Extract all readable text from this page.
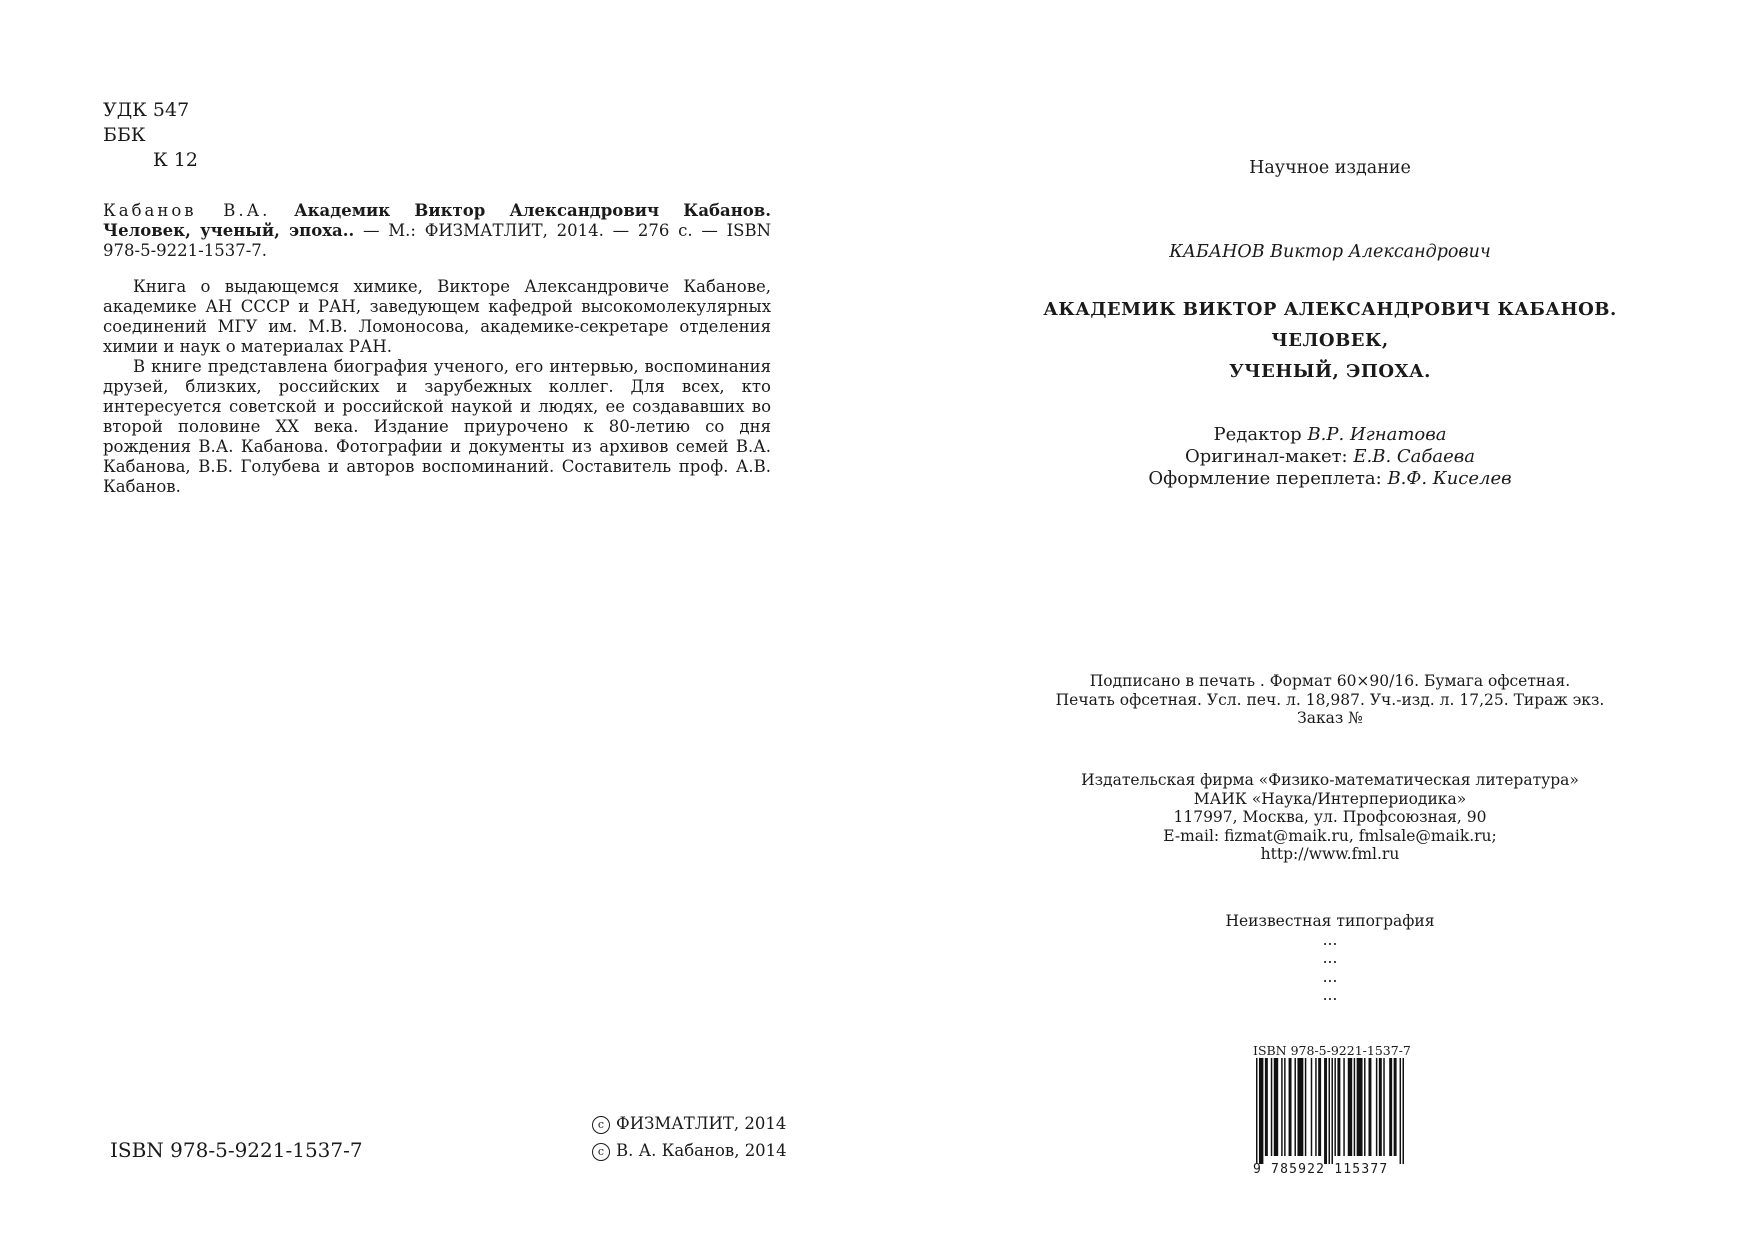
УДК 547
ББК
К 12
Кабанов В.А. Академик Виктор Александрович Кабанов. Человек, ученый, эпоха.. — М.: ФИЗМАТЛИТ, 2014. — 276 с. — ISBN 978-5-9221-1537-7.

Книга о выдающемся химике, Викторе Александровиче Кабанове, академике АН СССР и РАН, заведующем кафедрой высокомолекулярных соединений МГУ им. М.В. Ломоносова, академике-секретаре отделения химии и наук о материалах РАН.

В книге представлена биография ученого, его интервью, воспоминания друзей, близких, российских и зарубежных коллег. Для всех, кто интересуется советской и российской наукой и людях, ее создававших во второй половине XX века. Издание приурочено к 80-летию со дня рождения В.А. Кабанова. Фотографии и документы из архивов семей В.А. Кабанова, В.Б. Голубева и авторов воспоминаний. Составитель проф. А.В. Кабанов.

ISBN 978-5-9221-1537-7
c ФИЗМАТЛИТ, 2014
c В. А. Кабанов, 2014
Научное издание
КАБАНОВ Виктор Александрович
АКАДЕМИК ВИКТОР АЛЕКСАНДРОВИЧ КАБАНОВ. ЧЕЛОВЕК,
УЧЕНЫЙ, ЭПОХА.
Редактор В.Р. Игнатова
Оригинал-макет: Е.В. Сабаева
Оформление переплета: В.Ф. Киселев
Подписано в печать . Формат 60×90/16. Бумага офсетная.
Печать офсетная. Усл. печ. л. 18,987. Уч.-изд. л. 17,25. Тираж экз.
Заказ №
Издательская фирма «Физико-математическая литература»
МАИК «Наука/Интерпериодика»
117997, Москва, ул. Профсоюзная, 90
E-mail: fizmat@maik.ru, fmlsale@maik.ru;
http://www.fml.ru
Неизвестная типография
...
...
...
...
ISBN 978-5-9221-1537-7
9 785922 115377
